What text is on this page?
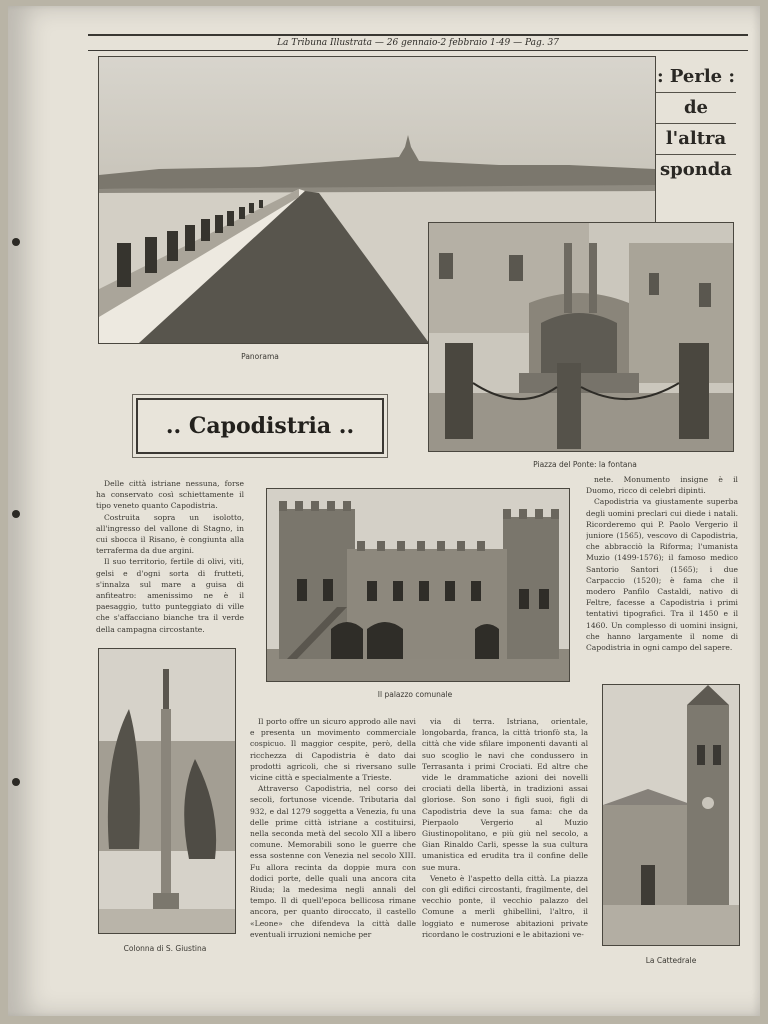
La Tribuna Illustrata — 26 gennaio-2 febbraio 1-49 — Pag. 37
Panorama
: Perle :
de
l'altra
sponda
Piazza del Ponte: la fontana
.. Capodistria ..

Delle città istriane nessuna, forse ha conservato così schiettamente il tipo veneto quanto Capodistria.

Costruita sopra un isolotto, all'ingresso del vallone di Stagno, in cui sbocca il Risano, è congiunta alla terraferma da due argini.

Il suo territorio, fertile di olivi, viti, gelsi e d'ogni sorta di frutteti, s'innalza sul mare a guisa di anfiteatro: amenissimo ne è il paesaggio, tutto punteggiato di ville che s'affacciano bianche tra il verde della campagna circostante.

Il palazzo comunale

nete. Monumento insigne è il Duomo, ricco di celebri dipinti.

Capodistria va giustamente superba degli uomini preclari cui diede i natali. Ricorderemo qui P. Paolo Vergerio il juniore (1565), vescovo di Capodistria, che abbracciò la Riforma; l'umanista Muzio (1499-1576); il famoso medico Santorio Santori (1565); i due Carpaccio (1520); è fama che il modero Panfilo Castaldi, nativo di Feltre, facesse a Capodistria i primi tentativi tipografici. Tra il 1450 e il 1460. Un complesso di uomini insigni, che hanno largamente il nome di Capodistria in ogni campo del sapere.

Colonna di S. Giustina

Il porto offre un sicuro approdo alle navi e presenta un movimento commerciale cospicuo. Il maggior cespite, però, della ricchezza di Capodistria è dato dai prodotti agricoli, che si riversano sulle vicine città e specialmente a Trieste.

Attraverso Capodistria, nel corso dei secoli, fortunose vicende. Tributaria dal 932, e dal 1279 soggetta a Venezia, fu una delle prime città istriane a costituirsi, nella seconda metà del secolo XII a libero comune. Memorabili sono le guerre che essa sostenne con Venezia nel secolo XIII. Fu allora recinta da doppie mura con dodici porte, delle quali una ancora cita Riuda; la medesima negli annali del tempo. Il di quell'epoca bellicosa rimane ancora, per quanto diroccato, il castello «Leone» che difendeva la città dalle eventuali irruzioni nemiche per

via di terra. Istriana, orientale, longobarda, franca, la città trionfò sta, la città che vide sfilare imponenti davanti al suo scoglio le navi che condussero in Terrasanta i primi Crociati. Ed altre che vide le drammatiche azioni dei novelli crociati della libertà, in tradizioni assai gloriose. Son sono i figli suoi, figli di Capodistria deve la sua fama: che da Pierpaolo Vergerio al Muzio Giustinopolitano, e più giù nel secolo, a Gian Rinaldo Carli, spesse la sua cultura umanistica ed erudita tra il confine delle sue mura.

Veneto è l'aspetto della città. La piazza con gli edifici circostanti, fragilmente, del vecchio ponte, il vecchio palazzo del Comune a merli ghibellini, l'altro, il loggiato e numerose abitazioni private ricordano le costruzioni e le abitazioni ve-

La Cattedrale
